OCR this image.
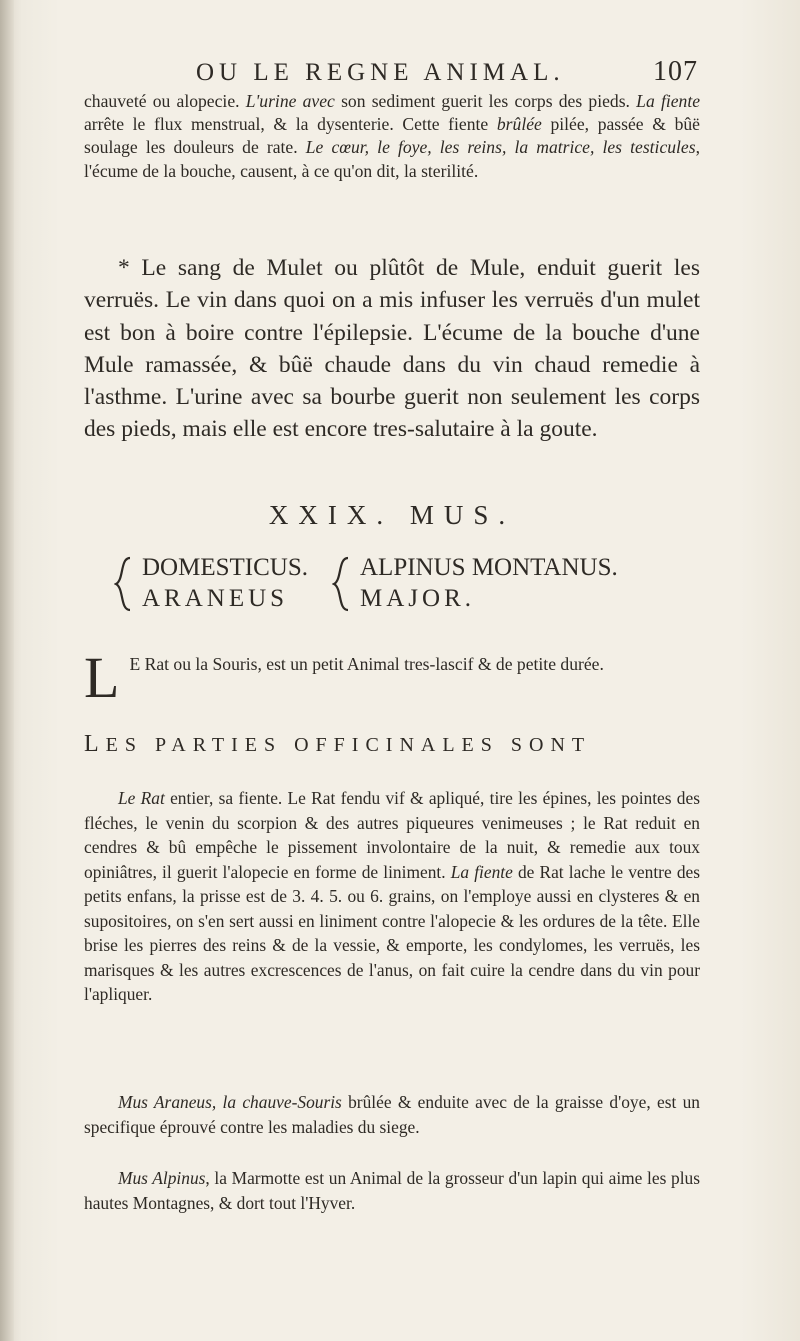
OU LE REGNE ANIMAL.	107
chauveté ou alopecie. L'urine avec son sediment guerit les corps des pieds. La fiente arrête le flux menstrual, & la dysenterie. Cette fiente brûlée pilée, passée & bûë soulage les douleurs de rate. Le cœur, le foye, les reins, la matrice, les testicules, l'écume de la bouche, causent, à ce qu'on dit, la sterilité.
* Le sang de Mulet ou plûtôt de Mule, enduit guerit les verruës. Le vin dans quoi on a mis infuser les verruës d'un mulet est bon à boire contre l'épilepsie. L'écume de la bouche d'une Mule ramassée, & bûë chaude dans du vin chaud remedie à l'asthme. L'urine avec sa bourbe guerit non seulement les corps des pieds, mais elle est encore tres-salutaire à la goute.
XXIX. MUS.
DOMESTICUS.
ARANEUS
ALPINUS MONTANUS.
MAJOR.
L E Rat ou la Souris, est un petit Animal tres-lascif & de petite durée.
LES PARTIES OFFICINALES SONT
Le Rat entier, sa fiente. Le Rat fendu vif & apliqué, tire les épines, les pointes des fléches, le venin du scorpion & des autres piqueures venimeuses ; le Rat reduit en cendres & bû empêche le pissement involontaire de la nuit, & remedie aux toux opiniâtres, il guerit l'alopecie en forme de liniment. La fiente de Rat lache le ventre des petits enfans, la prisse est de 3. 4. 5. ou 6. grains, on l'employe aussi en clysteres & en supositoires, on s'en sert aussi en liniment contre l'alopecie & les ordures de la tête. Elle brise les pierres des reins & de la vessie, & emporte, les condylomes, les verruës, les marisques & les autres excrescences de l'anus, on fait cuire la cendre dans du vin pour l'apliquer.
Mus Araneus, la chauve-Souris brûlée & enduite avec de la graisse d'oye, est un specifique éprouvé contre les maladies du siege.
Mus Alpinus, la Marmotte est un Animal de la grosseur d'un lapin qui aime les plus hautes Montagnes, & dort tout l'Hyver.
